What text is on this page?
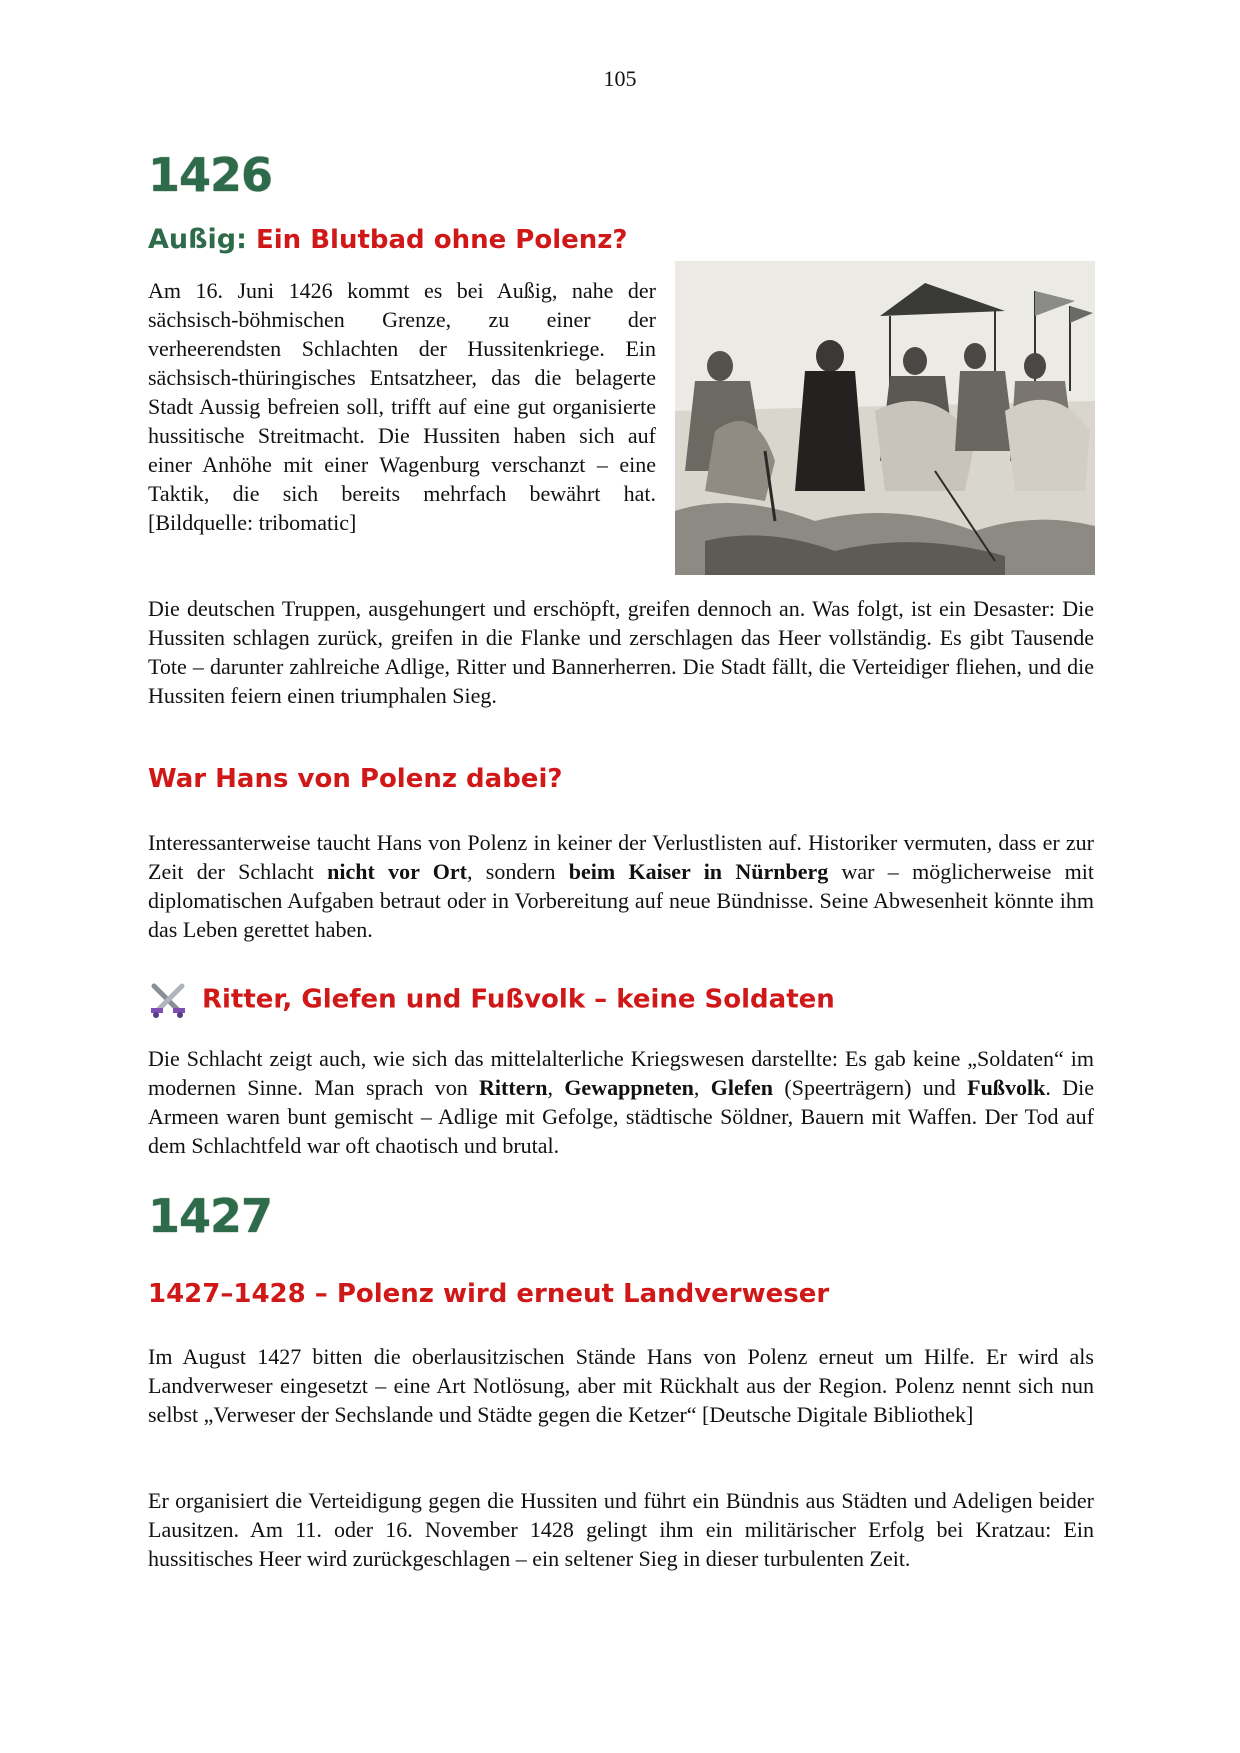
105
1426
Außig: Ein Blutbad ohne Polenz?

Am 16. Juni 1426 kommt es bei Außig, nahe der sächsisch-böhmischen Grenze, zu einer der verheerendsten Schlachten der Hussitenkriege. Ein sächsisch-thüringisches Entsatzheer, das die belagerte Stadt Aussig befreien soll, trifft auf eine gut organisierte hussitische Streitmacht. Die Hussiten haben sich auf einer Anhöhe mit einer Wagenburg verschanzt – eine Taktik, die sich bereits mehrfach bewährt hat. [Bildquelle: tribomatic]

Die deutschen Truppen, ausgehungert und erschöpft, greifen dennoch an. Was folgt, ist ein Desaster: Die Hussiten schlagen zurück, greifen in die Flanke und zerschlagen das Heer vollständig. Es gibt Tausende Tote – darunter zahlreiche Adlige, Ritter und Bannerherren. Die Stadt fällt, die Verteidiger fliehen, und die Hussiten feiern einen triumphalen Sieg.

War Hans von Polenz dabei?

Interessanterweise taucht Hans von Polenz in keiner der Verlustlisten auf. Historiker vermuten, dass er zur Zeit der Schlacht nicht vor Ort, sondern beim Kaiser in Nürnberg war – möglicherweise mit diplomatischen Aufgaben betraut oder in Vorbereitung auf neue Bündnisse. Seine Abwesenheit könnte ihm das Leben gerettet haben.

Ritter, Glefen und Fußvolk – keine Soldaten

Die Schlacht zeigt auch, wie sich das mittelalterliche Kriegswesen darstellte: Es gab keine „Soldaten“ im modernen Sinne. Man sprach von Rittern, Gewappneten, Glefen (Speerträgern) und Fußvolk. Die Armeen waren bunt gemischt – Adlige mit Gefolge, städtische Söldner, Bauern mit Waffen. Der Tod auf dem Schlachtfeld war oft chaotisch und brutal.

1427
1427–1428 – Polenz wird erneut Landverweser

Im August 1427 bitten die oberlausitzischen Stände Hans von Polenz erneut um Hilfe. Er wird als Landverweser eingesetzt – eine Art Notlösung, aber mit Rückhalt aus der Region. Polenz nennt sich nun selbst „Verweser der Sechslande und Städte gegen die Ketzer“ [Deutsche Digitale Bibliothek]

Er organisiert die Verteidigung gegen die Hussiten und führt ein Bündnis aus Städten und Adeligen beider Lausitzen. Am 11. oder 16. November 1428 gelingt ihm ein militärischer Erfolg bei Kratzau: Ein hussitisches Heer wird zurückgeschlagen – ein seltener Sieg in dieser turbulenten Zeit.
